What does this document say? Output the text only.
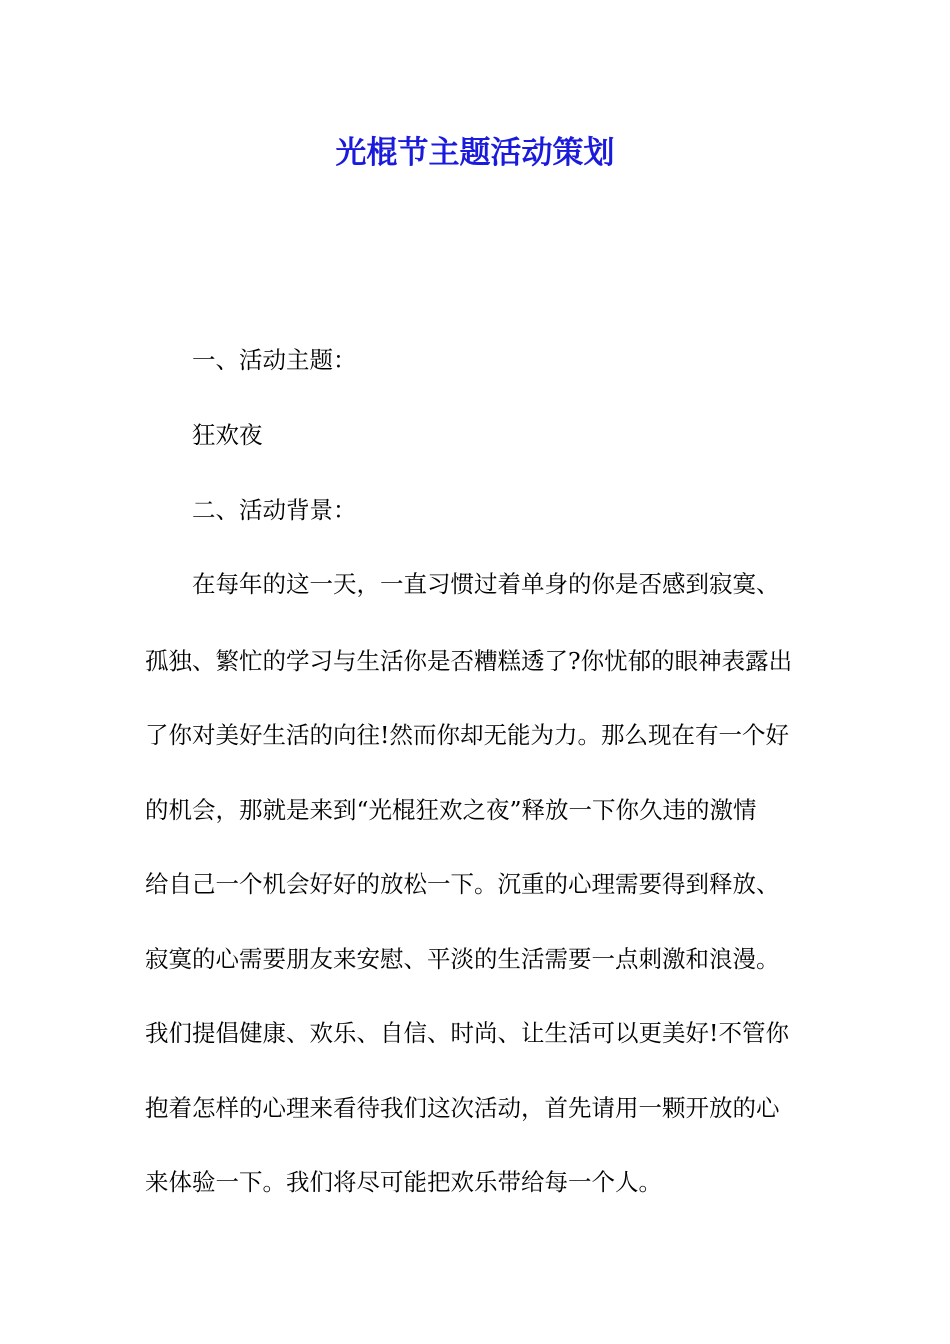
光棍节主题活动策划

一、活动主题：

狂欢夜

二、活动背景：

在每年的这一天，一直习惯过着单身的你是否感到寂寞、

孤独、繁忙的学习与生活你是否糟糕透了?你忧郁的眼神表露出

了你对美好生活的向往!然而你却无能为力。那么现在有一个好

的机会，那就是来到“光棍狂欢之夜”释放一下你久违的激情

给自己一个机会好好的放松一下。沉重的心理需要得到释放、

寂寞的心需要朋友来安慰、平淡的生活需要一点刺激和浪漫。

我们提倡健康、欢乐、自信、时尚、让生活可以更美好!不管你

抱着怎样的心理来看待我们这次活动，首先请用一颗开放的心

来体验一下。我们将尽可能把欢乐带给每一个人。
